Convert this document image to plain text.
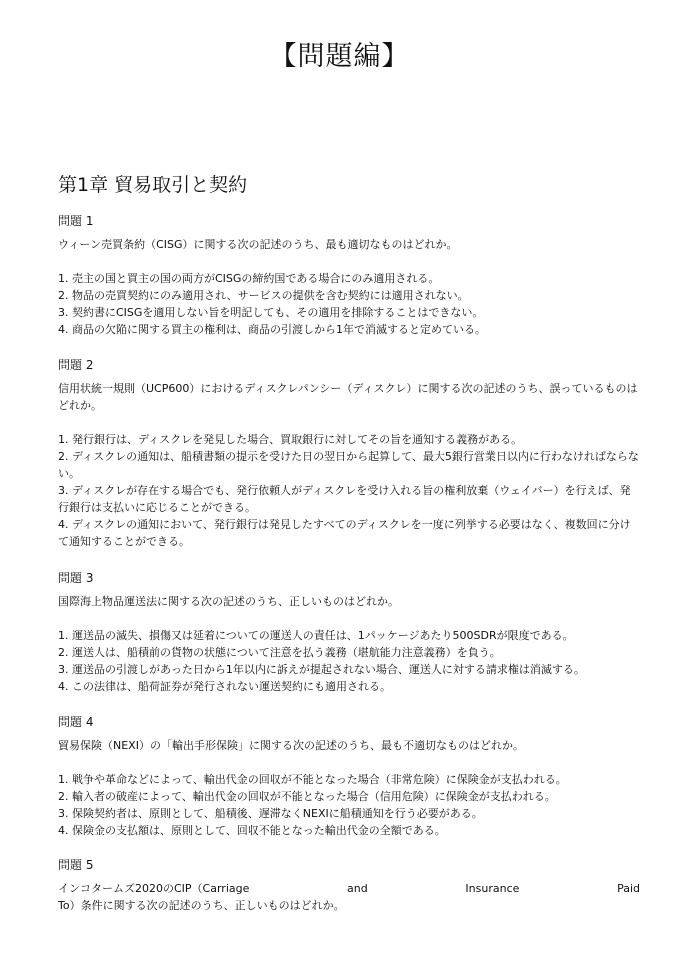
【問題編】
第1章 貿易取引と契約

問題 1

ウィーン売買条約（CISG）に関する次の記述のうち、最も適切なものはどれか。

1. 売主の国と買主の国の両方がCISGの締約国である場合にのみ適用される。
2. 物品の売買契約にのみ適用され、サービスの提供を含む契約には適用されない。
3. 契約書にCISGを適用しない旨を明記しても、その適用を排除することはできない。
4. 商品の欠陥に関する買主の権利は、商品の引渡しから1年で消滅すると定めている。

問題 2

信用状統一規則（UCP600）におけるディスクレパンシー（ディスクレ）に関する次の記述のうち、誤っているものはどれか。

1. 発行銀行は、ディスクレを発見した場合、買取銀行に対してその旨を通知する義務がある。
2. ディスクレの通知は、船積書類の提示を受けた日の翌日から起算して、最大5銀行営業日以内に行わなければならない。
3. ディスクレが存在する場合でも、発行依頼人がディスクレを受け入れる旨の権利放棄（ウェイバー）を行えば、発行銀行は支払いに応じることができる。
4. ディスクレの通知において、発行銀行は発見したすべてのディスクレを一度に列挙する必要はなく、複数回に分けて通知することができる。

問題 3

国際海上物品運送法に関する次の記述のうち、正しいものはどれか。

1. 運送品の滅失、損傷又は延着についての運送人の責任は、1パッケージあたり500SDRが限度である。
2. 運送人は、船積前の貨物の状態について注意を払う義務（堪航能力注意義務）を負う。
3. 運送品の引渡しがあった日から1年以内に訴えが提起されない場合、運送人に対する請求権は消滅する。
4. この法律は、船荷証券が発行されない運送契約にも適用される。

問題 4

貿易保険（NEXI）の「輸出手形保険」に関する次の記述のうち、最も不適切なものはどれか。

1. 戦争や革命などによって、輸出代金の回収が不能となった場合（非常危険）に保険金が支払われる。
2. 輸入者の破産によって、輸出代金の回収が不能となった場合（信用危険）に保険金が支払われる。
3. 保険契約者は、原則として、船積後、遅滞なくNEXIに船積通知を行う必要がある。
4. 保険金の支払額は、原則として、回収不能となった輸出代金の全額である。

問題 5

インコタームズ2020のCIP（Carriage	and	Insurance	Paid

To）条件に関する次の記述のうち、正しいものはどれか。
